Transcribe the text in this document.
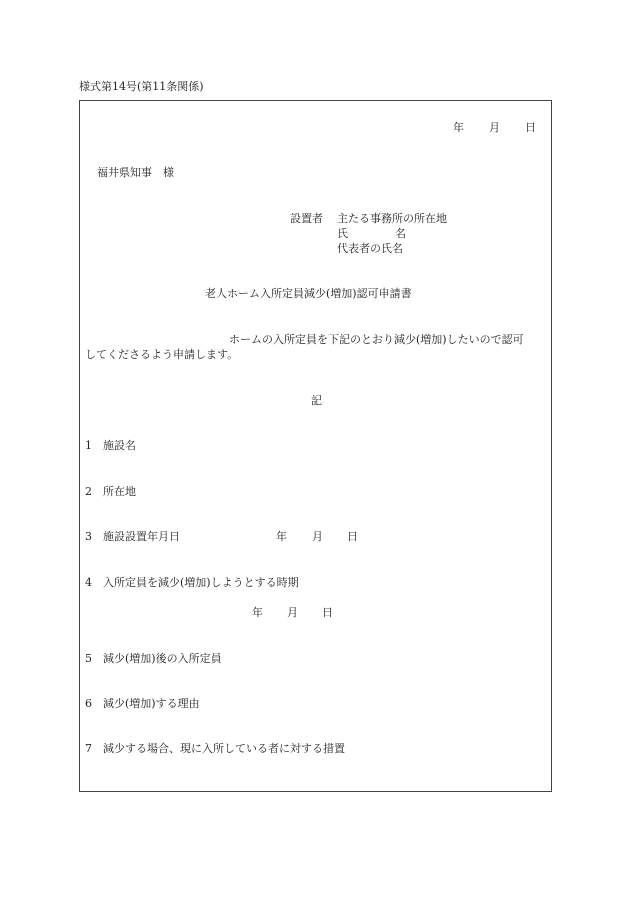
様式第14号(第11条関係)
年 月 日
福井県知事　様
設置者 主たる事務所の所在地
氏	名
代表者の氏名
老人ホーム入所定員減少(増加)認可申請書
ホームの入所定員を下記のとおり減少(増加)したいので認可
してくださるよう申請します。
記
1 施設名
2 所在地
3 施設設置年月日	年 月 日
4 入所定員を減少(増加)しようとする時期
年 月 日
5 減少(増加)後の入所定員
6 減少(増加)する理由
7 減少する場合、現に入所している者に対する措置
